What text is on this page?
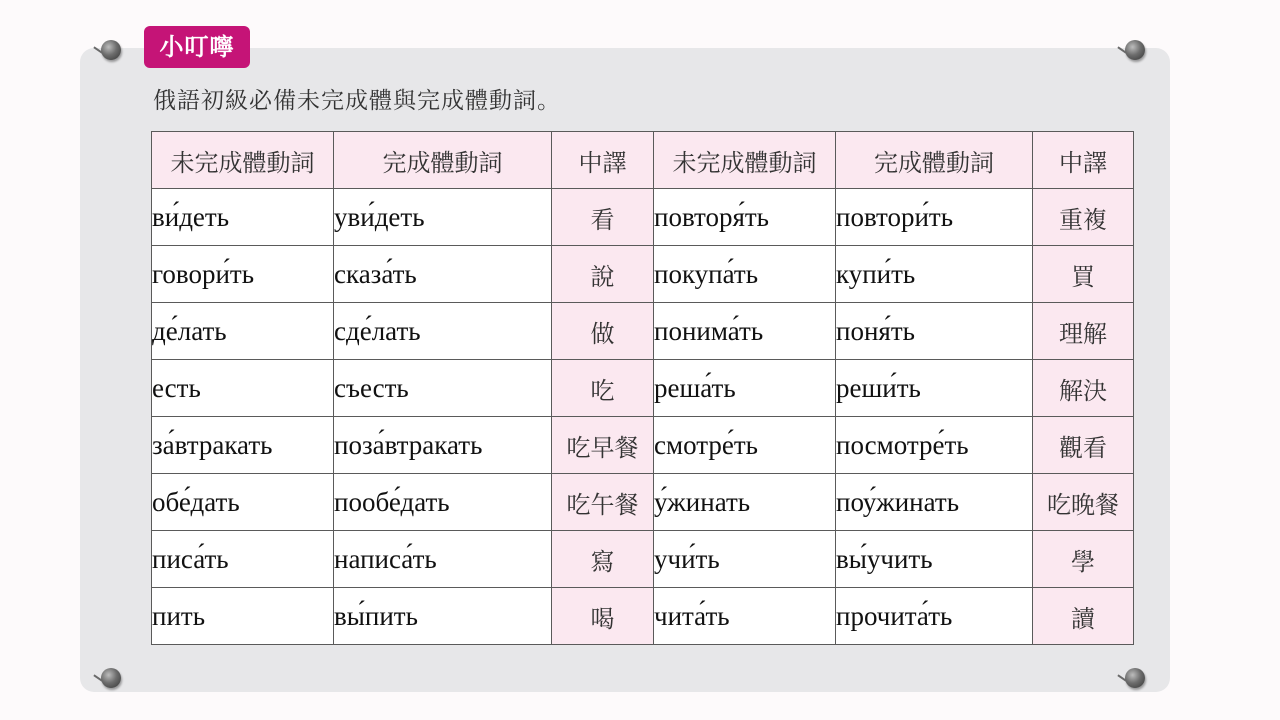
小叮嚀
俄語初級必備未完成體與完成體動詞。
未完成體動詞	完成體動詞	中譯	未完成體動詞	完成體動詞	中譯
ви́деть	уви́деть	看	повторя́ть	повтори́ть	重複
говори́ть	сказа́ть	說	покупа́ть	купи́ть	買
де́лать	сде́лать	做	понима́ть	поня́ть	理解
есть	съесть	吃	реша́ть	реши́ть	解決
за́втракать	поза́втракать	吃早餐	смотре́ть	посмотре́ть	觀看
обе́дать	пообе́дать	吃午餐	у́жинать	поу́жинать	吃晚餐
писа́ть	написа́ть	寫	учи́ть	вы́учить	學
пить	вы́пить	喝	чита́ть	прочита́ть	讀
